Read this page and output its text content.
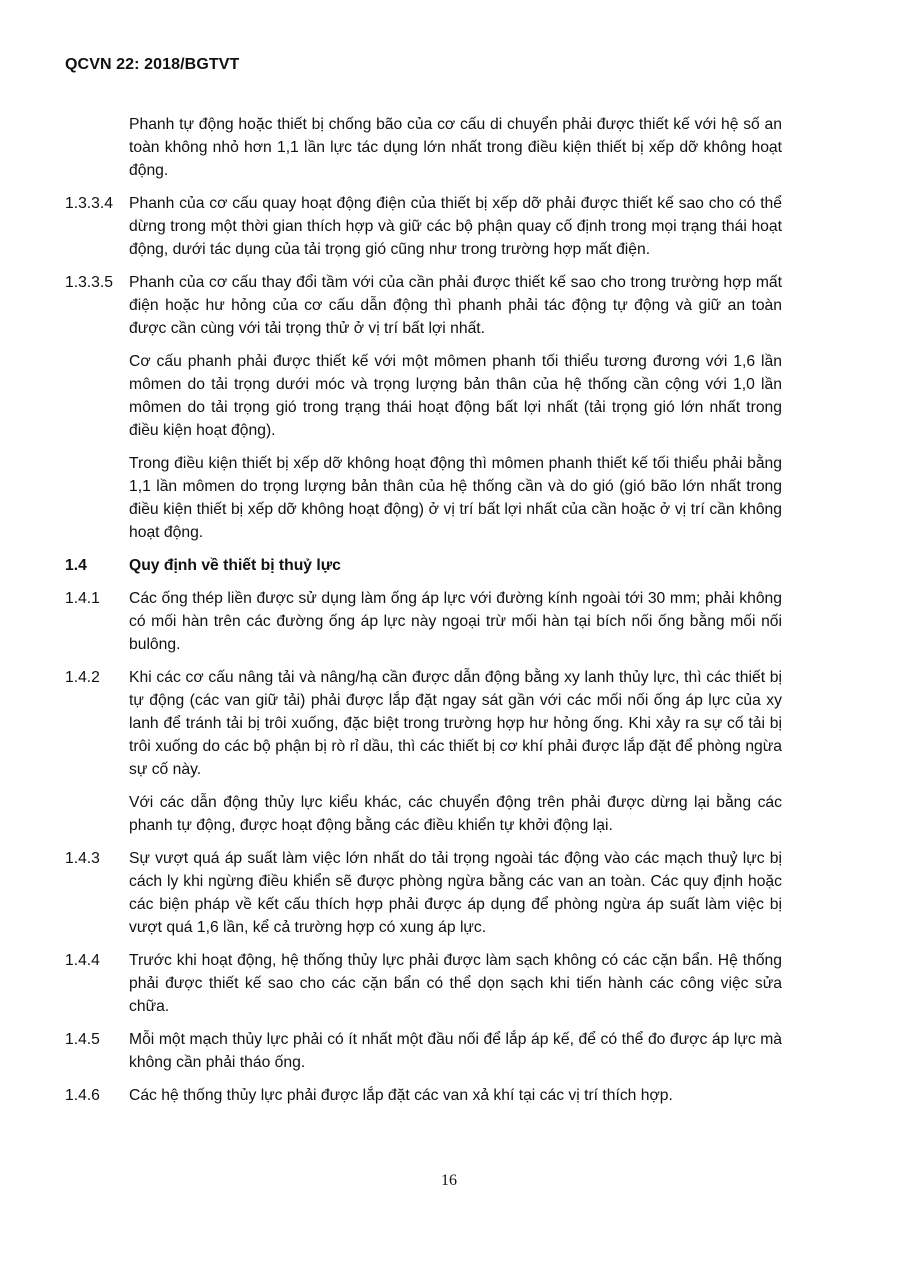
QCVN 22: 2018/BGTVT

Phanh tự động hoặc thiết bị chống bão của cơ cấu di chuyển phải được thiết kế với hệ số an toàn không nhỏ hơn 1,1 lần lực tác dụng lớn nhất trong điều kiện thiết bị xếp dỡ không hoạt động.

1.3.3.4	Phanh của cơ cấu quay hoạt động điện của thiết bị xếp dỡ phải được thiết kế sao cho có thể dừng trong một thời gian thích hợp và giữ các bộ phận quay cố định trong mọi trạng thái hoạt động, dưới tác dụng của tải trọng gió cũng như trong trường hợp mất điện.
1.3.3.5	Phanh của cơ cấu thay đổi tầm với của cần phải được thiết kế sao cho trong trường hợp mất điện hoặc hư hỏng của cơ cấu dẫn động thì phanh phải tác động tự động và giữ an toàn được cần cùng với tải trọng thử ở vị trí bất lợi nhất.

Cơ cấu phanh phải được thiết kế với một mômen phanh tối thiểu tương đương với 1,6 lần mômen do tải trọng dưới móc và trọng lượng bản thân của hệ thống cần cộng với 1,0 lần mômen do tải trọng gió trong trạng thái hoạt động bất lợi nhất (tải trọng gió lớn nhất trong điều kiện hoạt động).

Trong điều kiện thiết bị xếp dỡ không hoạt động thì mômen phanh thiết kế tối thiểu phải bằng 1,1 lần mômen do trọng lượng bản thân của hệ thống cần và do gió (gió bão lớn nhất trong điều kiện thiết bị xếp dỡ không hoạt động) ở vị trí bất lợi nhất của cần hoặc ở vị trí cần không hoạt động.

1.4	Quy định về thiết bị thuỷ lực
1.4.1	Các ống thép liền được sử dụng làm ống áp lực với đường kính ngoài tới 30 mm; phải không có mối hàn trên các đường ống áp lực này ngoại trừ mối hàn tại bích nối ống bằng mối nối bulông.
1.4.2	Khi các cơ cấu nâng tải và nâng/hạ cần được dẫn động bằng xy lanh thủy lực, thì các thiết bị tự động (các van giữ tải) phải được lắp đặt ngay sát gần với các mối nối ống áp lực của xy lanh để tránh tải bị trôi xuống, đặc biệt trong trường hợp hư hỏng ống. Khi xảy ra sự cố tải bị trôi xuống do các bộ phận bị rò rỉ dầu, thì các thiết bị cơ khí phải được lắp đặt để phòng ngừa sự cố này.

Với các dẫn động thủy lực kiểu khác, các chuyển động trên phải được dừng lại bằng các phanh tự động, được hoạt động bằng các điều khiển tự khởi động lại.

1.4.3	Sự vượt quá áp suất làm việc lớn nhất do tải trọng ngoài tác động vào các mạch thuỷ lực bị cách ly khi ngừng điều khiển sẽ được phòng ngừa bằng các van an toàn. Các quy định hoặc các biện pháp về kết cấu thích hợp phải được áp dụng để phòng ngừa áp suất làm việc bị vượt quá 1,6 lần, kể cả trường hợp có xung áp lực.
1.4.4	Trước khi hoạt động, hệ thống thủy lực phải được làm sạch không có các cặn bẩn. Hệ thống phải được thiết kế sao cho các cặn bẩn có thể dọn sạch khi tiến hành các công việc sửa chữa.
1.4.5	Mỗi một mạch thủy lực phải có ít nhất một đầu nối để lắp áp kế, để có thể đo được áp lực mà không cần phải tháo ống.
1.4.6	Các hệ thống thủy lực phải được lắp đặt các van xả khí tại các vị trí thích hợp.
16
